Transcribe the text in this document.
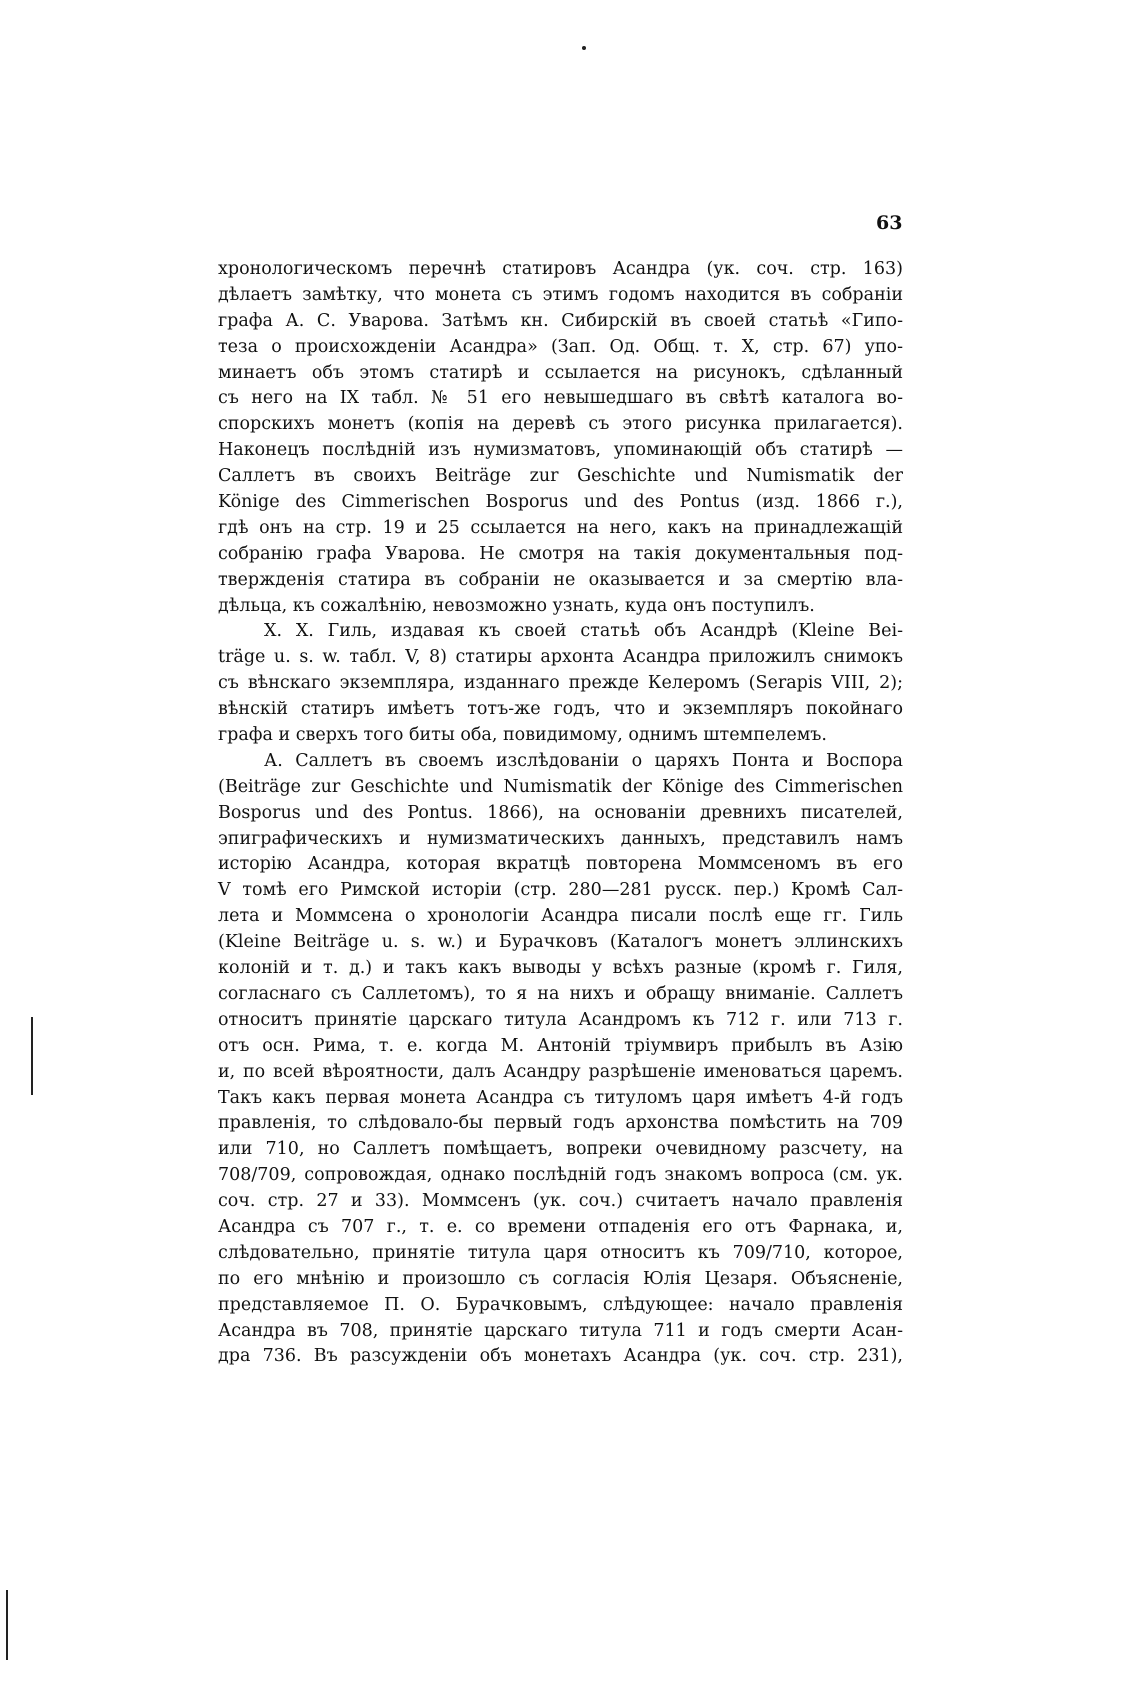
63
хронологическомъ перечнѣ статировъ Асандра (ук. соч. стр. 163)
дѣлаетъ замѣтку, что монета съ этимъ годомъ находится въ собраніи
графа А. С. Уварова. Затѣмъ кн. Сибирскій въ своей статьѣ «Гипо-
теза о происхожденіи Асандра» (Зап. Од. Общ. т. X, стр. 67) упо-
минаетъ объ этомъ статирѣ и ссылается на рисунокъ, сдѣланный
съ него на IX табл. № 51 его невышедшаго въ свѣтѣ каталога во-
спорскихъ монетъ (копія на деревѣ съ этого рисунка прилагается).
Наконецъ послѣдній изъ нумизматовъ, упоминающій объ статирѣ —
Саллетъ въ своихъ Beiträge zur Geschichte und Numismatik der
Könige des Cimmerischen Bosporus und des Pontus (изд. 1866 г.),
гдѣ онъ на стр. 19 и 25 ссылается на него, какъ на принадлежащій
собранію графа Уварова. Не смотря на такія документальныя под-
твержденія статира въ собраніи не оказывается и за смертію вла-
дѣльца, къ сожалѣнію, невозможно узнать, куда онъ поступилъ.
Х. Х. Гиль, издавая къ своей статьѣ объ Асандрѣ (Kleine Bei-
träge u. s. w. табл. V, 8) статиры архонта Асандра приложилъ снимокъ
съ вѣнскаго экземпляра, изданнаго прежде Келеромъ (Serapis VIII, 2);
вѣнскій статиръ имѣетъ тотъ-же годъ, что и экземпляръ покойнаго
графа и сверхъ того биты оба, повидимому, однимъ штемпелемъ.
А. Саллетъ въ своемъ изслѣдованіи о царяхъ Понта и Воспора
(Beiträge zur Geschichte und Numismatik der Könige des Cimmerischen
Bosporus und des Pontus. 1866), на основаніи древнихъ писателей,
эпиграфическихъ и нумизматическихъ данныхъ, представилъ намъ
исторію Асандра, которая вкратцѣ повторена Моммсеномъ въ его
V томѣ его Римской исторіи (стр. 280—281 русск. пер.) Кромѣ Сал-
лета и Моммсена о хронологіи Асандра писали послѣ еще гг. Гиль
(Kleine Beiträge u. s. w.) и Бурачковъ (Каталогъ монетъ эллинскихъ
колоній и т. д.) и такъ какъ выводы у всѣхъ разные (кромѣ г. Гиля,
согласнаго съ Саллетомъ), то я на нихъ и обращу вниманіе. Саллетъ
относитъ принятіе царскаго титула Асандромъ къ 712 г. или 713 г.
отъ осн. Рима, т. е. когда М. Антоній тріумвиръ прибылъ въ Азію
и, по всей вѣроятности, далъ Асандру разрѣшеніе именоваться царемъ.
Такъ какъ первая монета Асандра съ титуломъ царя имѣетъ 4-й годъ
правленія, то слѣдовало-бы первый годъ архонства помѣстить на 709
или 710, но Саллетъ помѣщаетъ, вопреки очевидному разсчету, на
708/709, сопровождая, однако послѣдній годъ знакомъ вопроса (см. ук.
соч. стр. 27 и 33). Моммсенъ (ук. соч.) считаетъ начало правленія
Асандра съ 707 г., т. е. со времени отпаденія его отъ Фарнака, и,
слѣдовательно, принятіе титула царя относитъ къ 709/710, которое,
по его мнѣнію и произошло съ согласія Юлія Цезаря. Объясненіе,
представляемое П. О. Бурачковымъ, слѣдующее: начало правленія
Асандра въ 708, принятіе царскаго титула 711 и годъ смерти Асан-
дра 736. Въ разсужденіи объ монетахъ Асандра (ук. соч. стр. 231),
